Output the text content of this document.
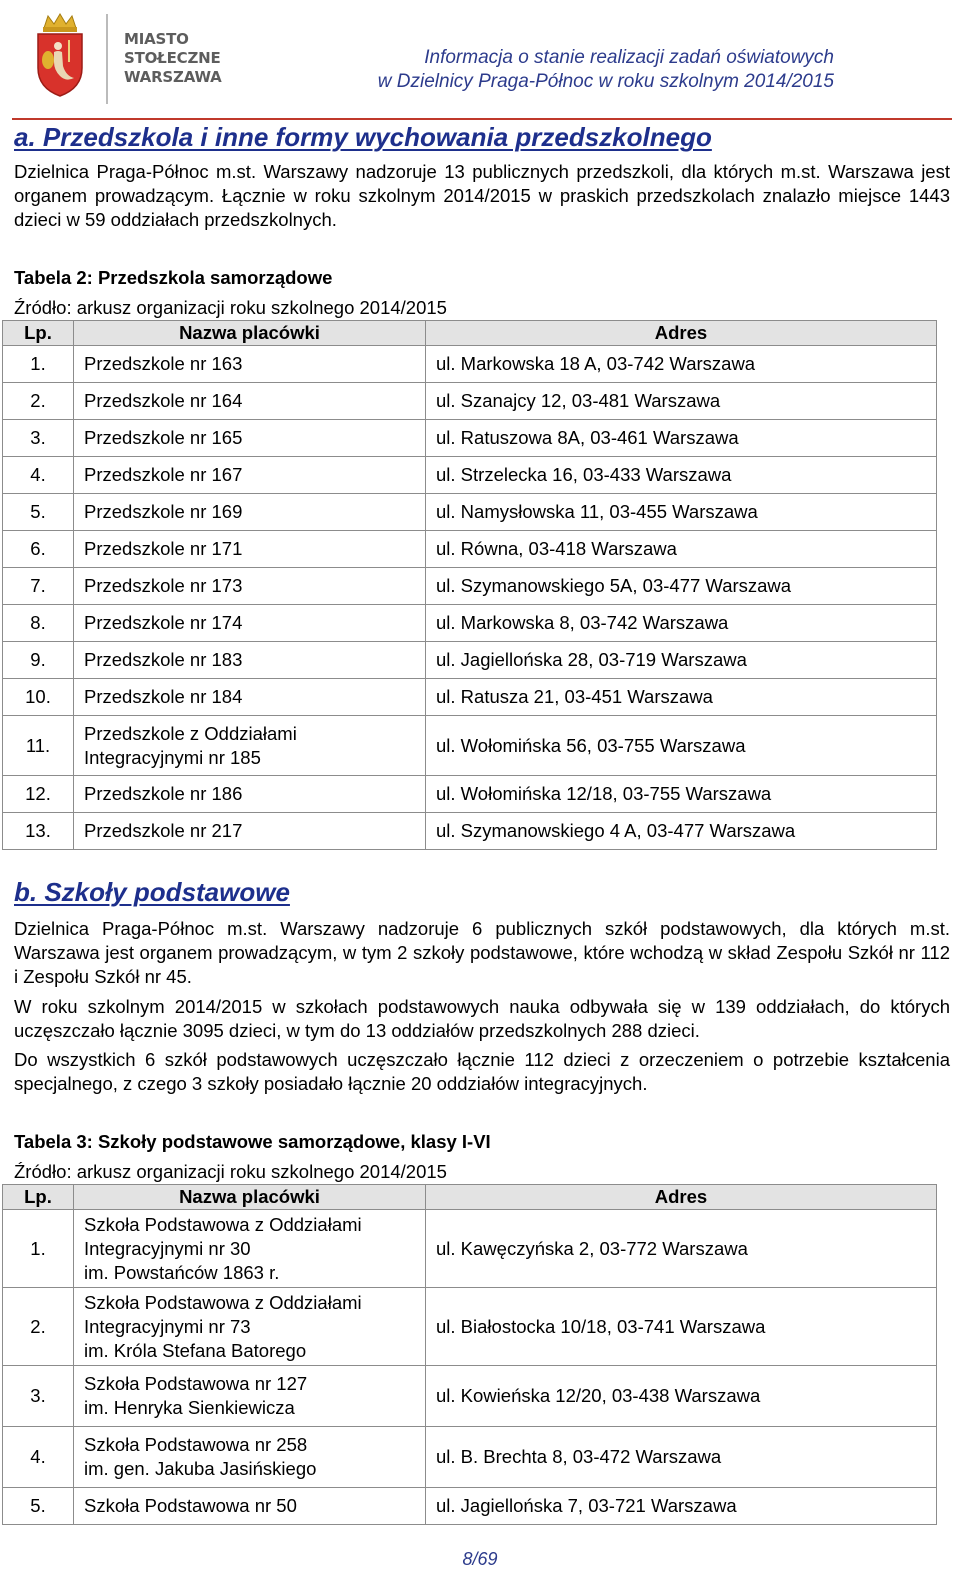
MIASTO
STOŁECZNE
WARSZAWA
Informacja o stanie realizacji zadań oświatowych
w Dzielnicy Praga-Północ w roku szkolnym 2014/2015
a. Przedszkola i inne formy wychowania przedszkolnego

Dzielnica Praga-Północ m.st. Warszawy nadzoruje 13 publicznych przedszkoli, dla których m.st. Warszawa jest organem prowadzącym. Łącznie w roku szkolnym 2014/2015 w praskich przedszkolach znalazło miejsce 1443 dzieci w 59 oddziałach przedszkolnych.

Tabela 2: Przedszkola samorządowe

Źródło: arkusz organizacji roku szkolnego 2014/2015

Lp.	Nazwa placówki	Adres
1.	Przedszkole nr 163	ul. Markowska 18 A, 03-742 Warszawa
2.	Przedszkole nr 164	ul. Szanajcy 12, 03-481 Warszawa
3.	Przedszkole nr 165	ul. Ratuszowa 8A, 03-461 Warszawa
4.	Przedszkole nr 167	ul. Strzelecka 16, 03-433 Warszawa
5.	Przedszkole nr 169	ul. Namysłowska 11, 03-455 Warszawa
6.	Przedszkole nr 171	ul. Równa, 03-418 Warszawa
7.	Przedszkole nr 173	ul. Szymanowskiego 5A, 03-477 Warszawa
8.	Przedszkole nr 174	ul. Markowska 8, 03-742 Warszawa
9.	Przedszkole nr 183	ul. Jagiellońska 28, 03-719 Warszawa
10.	Przedszkole nr 184	ul. Ratusza 21, 03-451 Warszawa
11.	Przedszkole z Oddziałami
Integracyjnymi nr 185	ul. Wołomińska 56, 03-755 Warszawa
12.	Przedszkole nr 186	ul. Wołomińska 12/18, 03-755 Warszawa
13.	Przedszkole nr 217	ul. Szymanowskiego 4 A, 03-477 Warszawa
b. Szkoły podstawowe

Dzielnica Praga-Północ m.st. Warszawy nadzoruje 6 publicznych szkół podstawowych, dla których m.st. Warszawa jest organem prowadzącym, w tym 2 szkoły podstawowe, które wchodzą w skład Zespołu Szkół nr 112 i Zespołu Szkół nr 45.

W roku szkolnym 2014/2015 w szkołach podstawowych nauka odbywała się w 139 oddziałach, do których uczęszczało łącznie 3095 dzieci, w tym do 13 oddziałów przedszkolnych 288 dzieci.

Do wszystkich 6 szkół podstawowych uczęszczało łącznie 112 dzieci z orzeczeniem o potrzebie kształcenia specjalnego, z czego 3 szkoły posiadało łącznie 20 oddziałów integracyjnych.

Tabela 3: Szkoły podstawowe samorządowe, klasy I-VI

Źródło: arkusz organizacji roku szkolnego 2014/2015

Lp.	Nazwa placówki	Adres
1.	Szkoła Podstawowa z Oddziałami
Integracyjnymi nr 30
im. Powstańców 1863 r.	ul. Kawęczyńska 2, 03-772 Warszawa
2.	Szkoła Podstawowa z Oddziałami
Integracyjnymi nr 73
im. Króla Stefana Batorego	ul. Białostocka 10/18, 03-741 Warszawa
3.	Szkoła Podstawowa nr 127
im. Henryka Sienkiewicza	ul. Kowieńska 12/20, 03-438 Warszawa
4.	Szkoła Podstawowa nr 258
im. gen. Jakuba Jasińskiego	ul. B. Brechta 8, 03-472 Warszawa
5.	Szkoła Podstawowa nr 50	ul. Jagiellońska 7, 03-721 Warszawa
8/69
